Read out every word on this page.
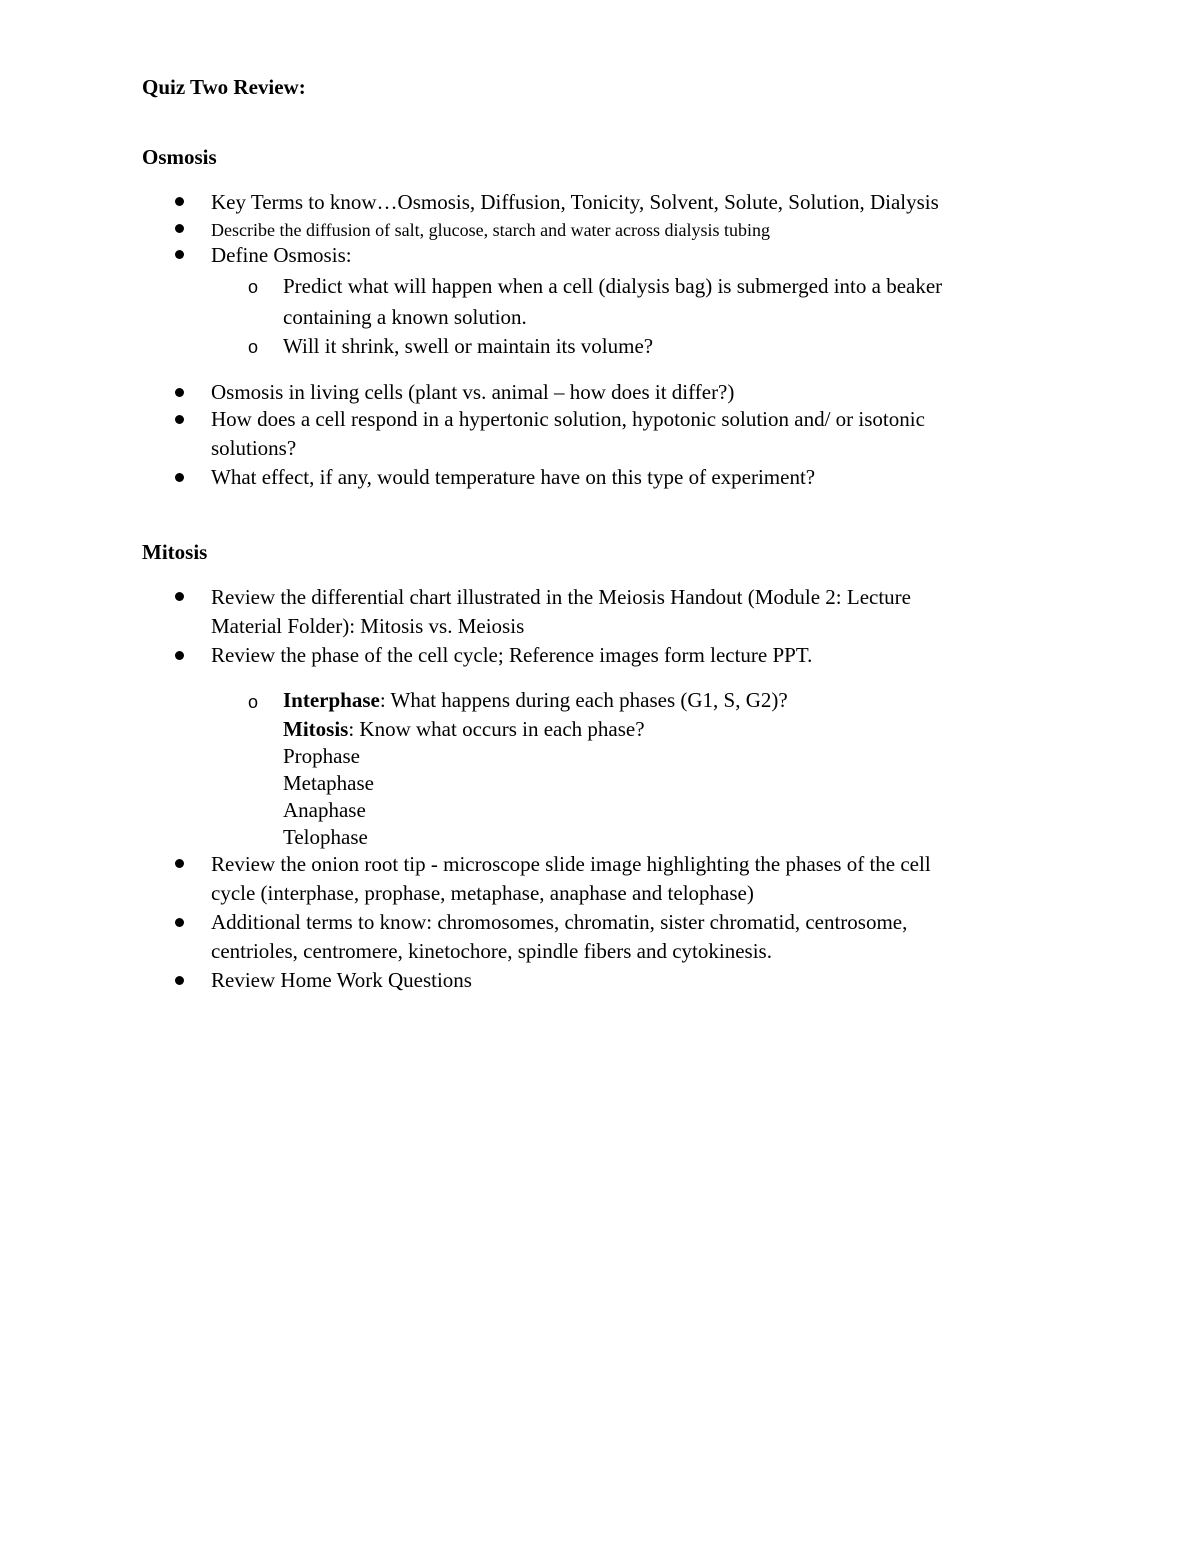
Quiz Two Review:
Osmosis
Key Terms to know…Osmosis, Diffusion, Tonicity, Solvent, Solute, Solution, Dialysis
Describe the diffusion of salt, glucose, starch and water across dialysis tubing
Define Osmosis:
o Predict what will happen when a cell (dialysis bag) is submerged into a beaker
containing a known solution.
o Will it shrink, swell or maintain its volume?
Osmosis in living cells (plant vs. animal – how does it differ?)
How does a cell respond in a hypertonic solution, hypotonic solution and/ or isotonic
solutions?
What effect, if any, would temperature have on this type of experiment?
Mitosis
Review the differential chart illustrated in the Meiosis Handout (Module 2: Lecture
Material Folder): Mitosis vs. Meiosis
Review the phase of the cell cycle; Reference images form lecture PPT.
o Interphase: What happens during each phases (G1, S, G2)?
Mitosis: Know what occurs in each phase?
Prophase
Metaphase
Anaphase
Telophase
Review the onion root tip - microscope slide image highlighting the phases of the cell
cycle (interphase, prophase, metaphase, anaphase and telophase)
Additional terms to know: chromosomes, chromatin, sister chromatid, centrosome,
centrioles, centromere, kinetochore, spindle fibers and cytokinesis.
Review Home Work Questions
